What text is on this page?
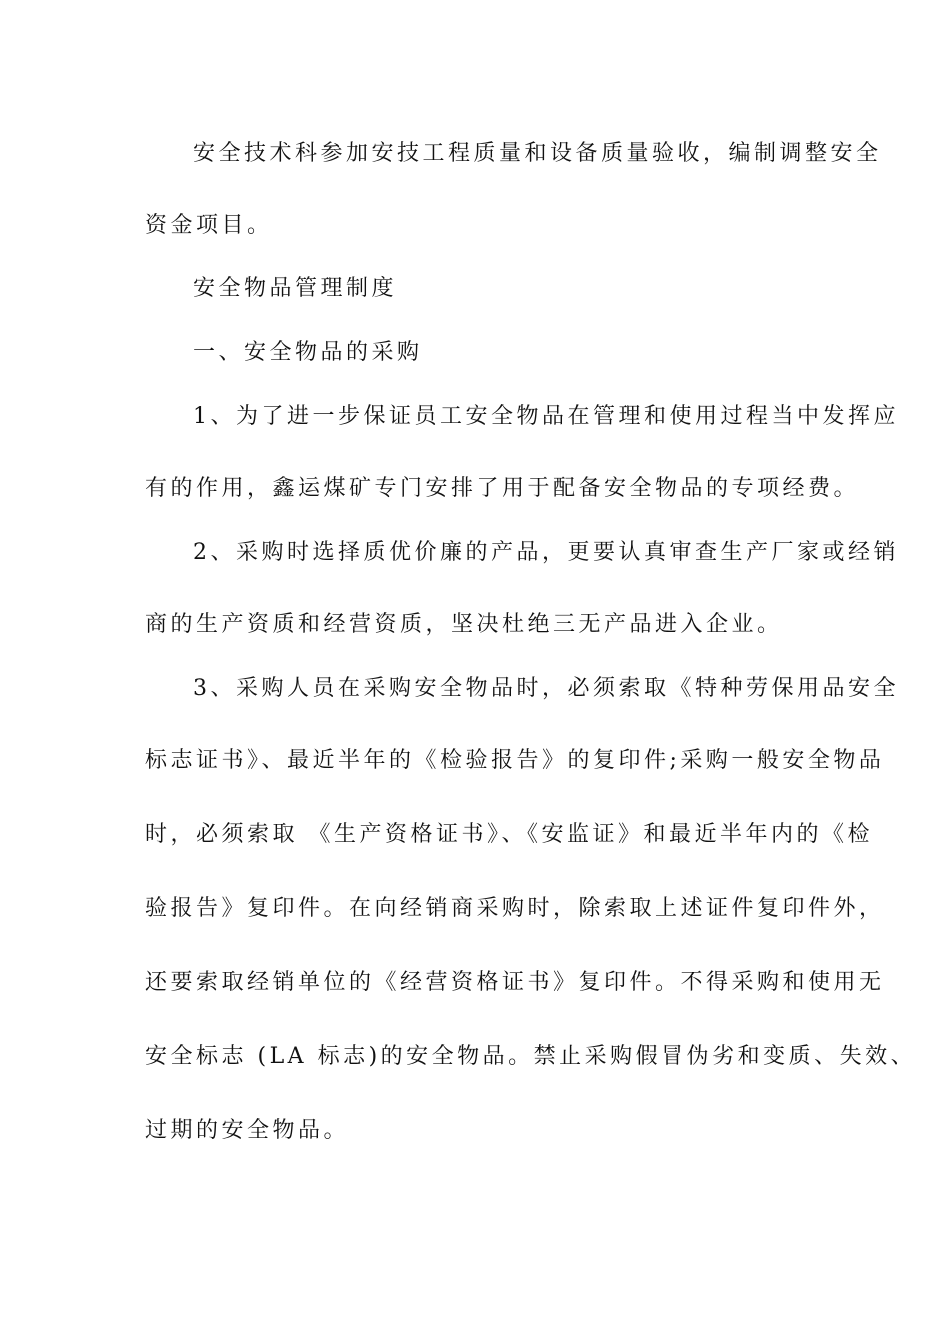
安全技术科参加安技工程质量和设备质量验收，编制调整安全
资金项目。
安全物品管理制度
一、安全物品的采购
1、为了进一步保证员工安全物品在管理和使用过程当中发挥应
有的作用，鑫运煤矿专门安排了用于配备安全物品的专项经费。
2、采购时选择质优价廉的产品，更要认真审查生产厂家或经销
商的生产资质和经营资质，坚决杜绝三无产品进入企业。
3、采购人员在采购安全物品时，必须索取《特种劳保用品安全
标志证书》、最近半年的《检验报告》的复印件;采购一般安全物品
时，必须索取 《生产资格证书》、《安监证》和最近半年内的《检
验报告》复印件。在向经销商采购时，除索取上述证件复印件外，
还要索取经销单位的《经营资格证书》复印件。不得采购和使用无
安全标志 (LA 标志)的安全物品。禁止采购假冒伪劣和变质、失效、
过期的安全物品。
